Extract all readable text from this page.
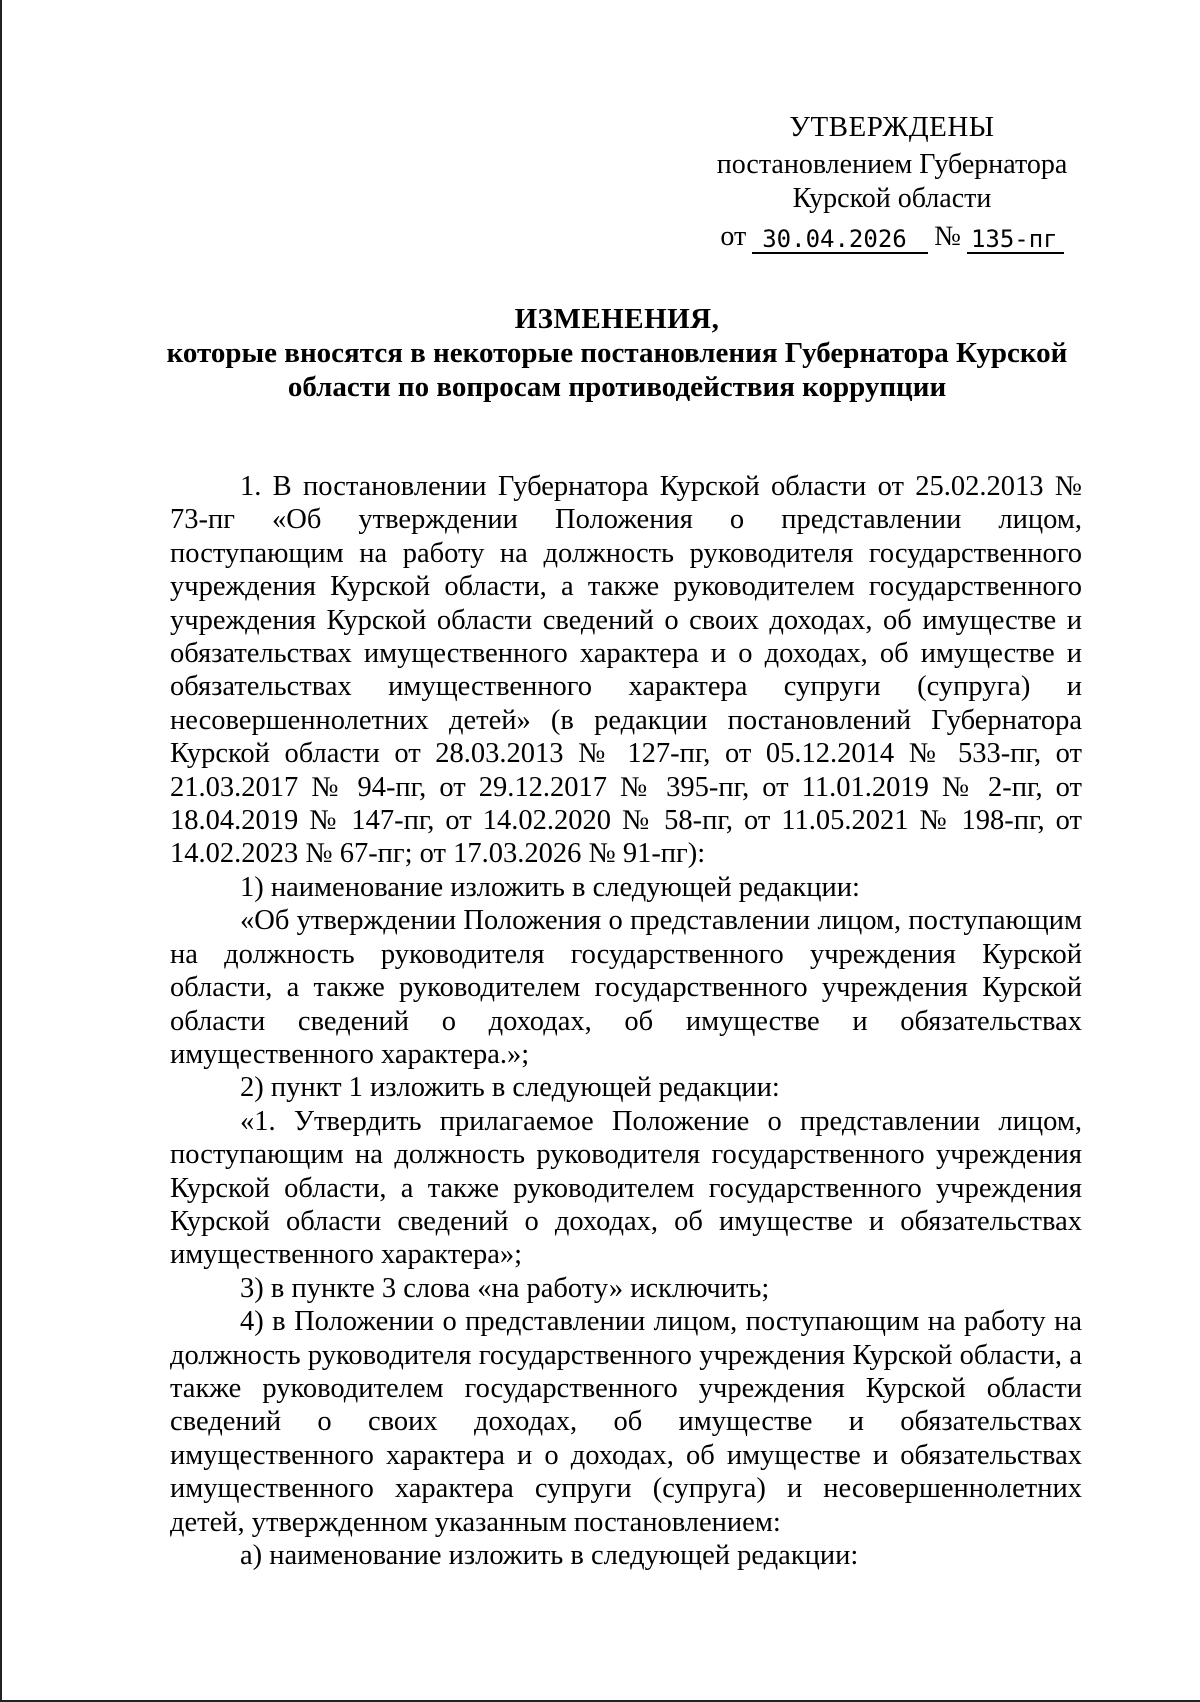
УТВЕРЖДЕНЫ
постановлением Губернатора
Курской области
от 30.04.2026 № 135-пг
ИЗМЕНЕНИЯ,
которые вносятся в некоторые постановления Губернатора Курской области по вопросам противодействия коррупции

1. В постановлении Губернатора Курской области от 25.02.2013 № 73-пг «Об утверждении Положения о представлении лицом, поступающим на работу на должность руководителя государственного учреждения Курской области, а также руководителем государственного учреждения Курской области сведений о своих доходах, об имуществе и обязательствах имущественного характера и о доходах, об имуществе и обязательствах имущественного характера супруги (супруга) и несовершеннолетних детей» (в редакции постановлений Губернатора Курской области от 28.03.2013 № 127-пг, от 05.12.2014 № 533-пг, от 21.03.2017 № 94-пг, от 29.12.2017 № 395-пг, от 11.01.2019 № 2-пг, от 18.04.2019 № 147-пг, от 14.02.2020 № 58-пг, от 11.05.2021 № 198-пг, от 14.02.2023 № 67-пг; от 17.03.2026 № 91-пг):

1) наименование изложить в следующей редакции:

«Об утверждении Положения о представлении лицом, поступающим на должность руководителя государственного учреждения Курской области, а также руководителем государственного учреждения Курской области сведений о доходах, об имуществе и обязательствах имущественного характера.»;

2) пункт 1 изложить в следующей редакции:

«1. Утвердить прилагаемое Положение о представлении лицом, поступающим на должность руководителя государственного учреждения Курской области, а также руководителем государственного учреждения Курской области сведений о доходах, об имуществе и обязательствах имущественного характера»;

3) в пункте 3 слова «на работу» исключить;

4) в Положении о представлении лицом, поступающим на работу на должность руководителя государственного учреждения Курской области, а также руководителем государственного учреждения Курской области сведений о своих доходах, об имуществе и обязательствах имущественного характера и о доходах, об имуществе и обязательствах имущественного характера супруги (супруга) и несовершеннолетних детей, утвержденном указанным постановлением:

а) наименование изложить в следующей редакции:
